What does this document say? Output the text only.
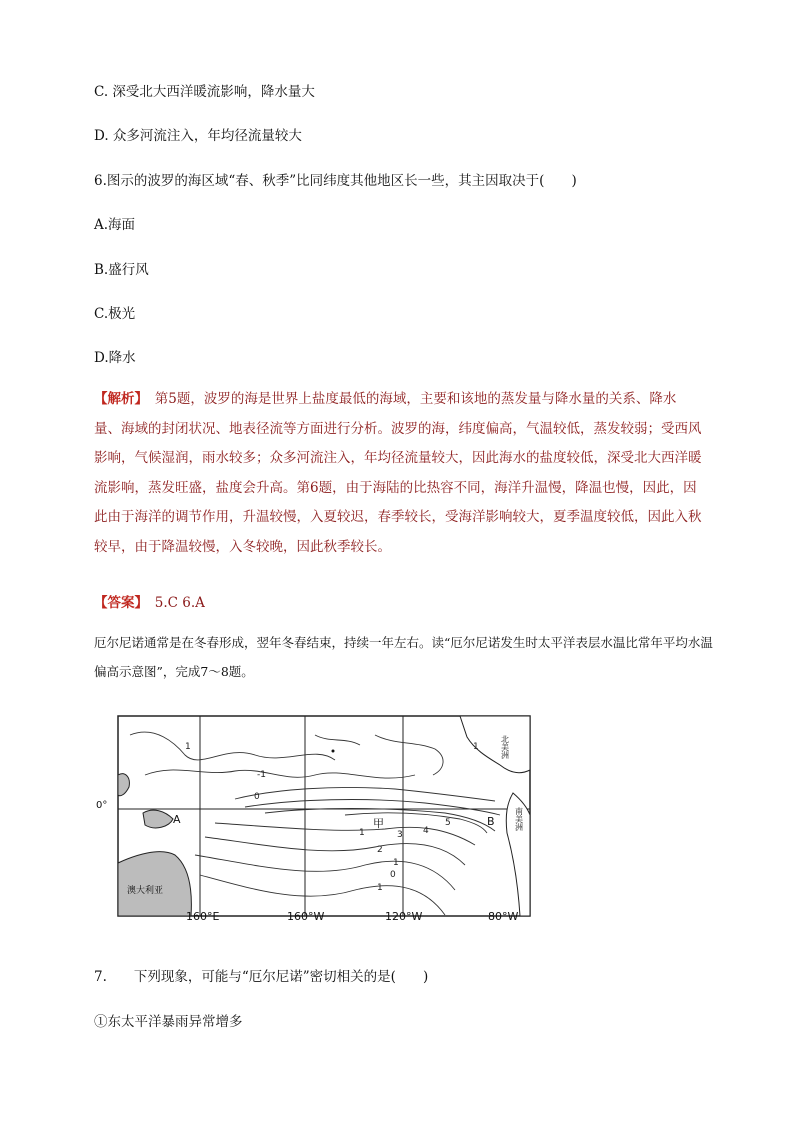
C. 深受北大西洋暖流影响，降水量大
D. 众多河流注入，年均径流量较大
6.图示的波罗的海区域“春、秋季”比同纬度其他地区长一些，其主因取决于(　　)
A.海面
B.盛行风
C.极光
D.降水
【解析】　第5题，波罗的海是世界上盐度最低的海域，主要和该地的蒸发量与降水量的关系、降水量、海域的封闭状况、地表径流等方面进行分析。波罗的海，纬度偏高，气温较低，蒸发较弱；受西风影响，气候湿润，雨水较多；众多河流注入，年均径流量较大，因此海水的盐度较低，深受北大西洋暖流影响，蒸发旺盛，盐度会升高。第6题，由于海陆的比热容不同，海洋升温慢，降温也慢，因此，因此由于海洋的调节作用，升温较慢，入夏较迟，春季较长，受海洋影响较大，夏季温度较低，因此入秋较早，由于降温较慢，入冬较晚，因此秋季较长。
【答案】　5.C 6.A
厄尔尼诺通常是在冬春形成，翌年冬春结束，持续一年左右。读“厄尔尼诺发生时太平洋表层水温比常年平均水温偏高示意图”，完成7～8题。
1
-1
0
1
0
2
3 4
5
1
1
1
A	B
甲
澳大利亚
北美洲
南美洲
0°
160°E	160°W	120°W	80°W
7.　　下列现象，可能与“厄尔尼诺”密切相关的是(　　)
①东太平洋暴雨异常增多
